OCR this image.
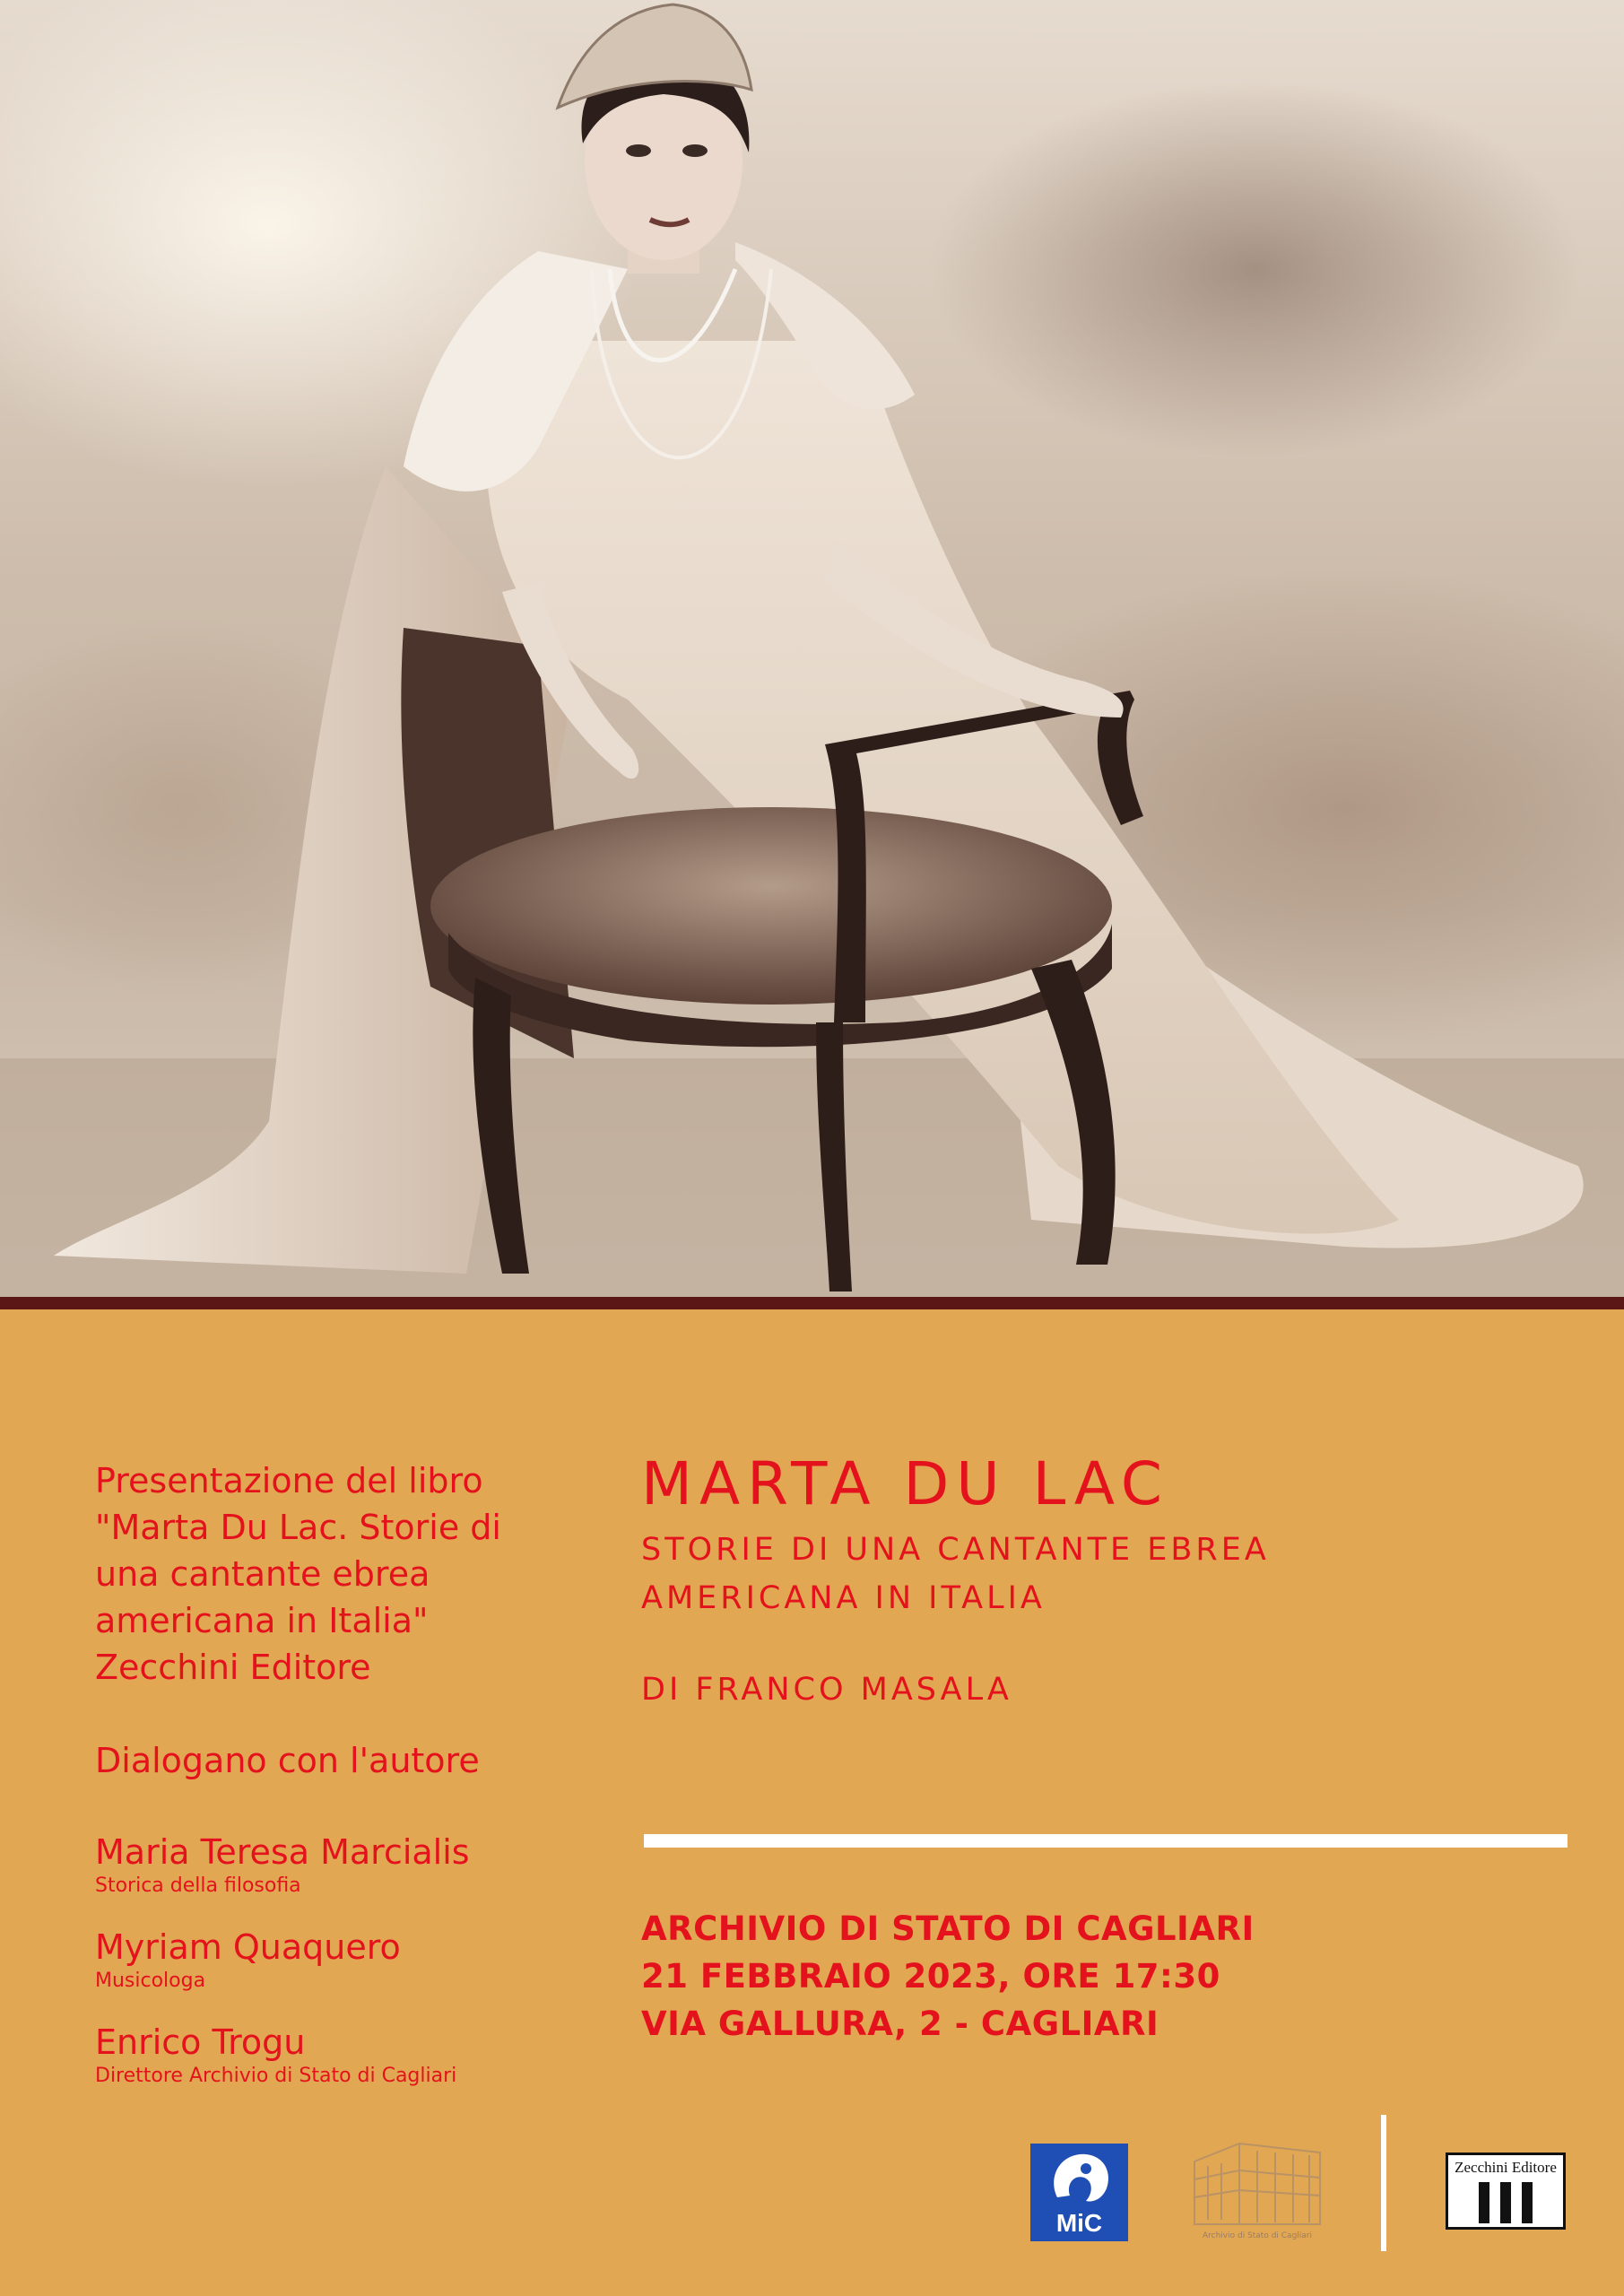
Presentazione del libro
"Marta Du Lac. Storie di
una cantante ebrea
americana in Italia"
Zecchini Editore

Dialogano con l'autore

Maria Teresa Marcialis
Storica della filosofia
Myriam Quaquero
Musicologa
Enrico Trogu
Direttore Archivio di Stato di Cagliari
MARTA DU LAC
STORIE DI UNA CANTANTE EBREA
AMERICANA IN ITALIA
DI FRANCO MASALA
ARCHIVIO DI STATO DI CAGLIARI
21 FEBBRAIO 2023, ORE 17:30
VIA GALLURA, 2 - CAGLIARI
MiC	Archivio di Stato di Cagliari
Zecchini Editore
